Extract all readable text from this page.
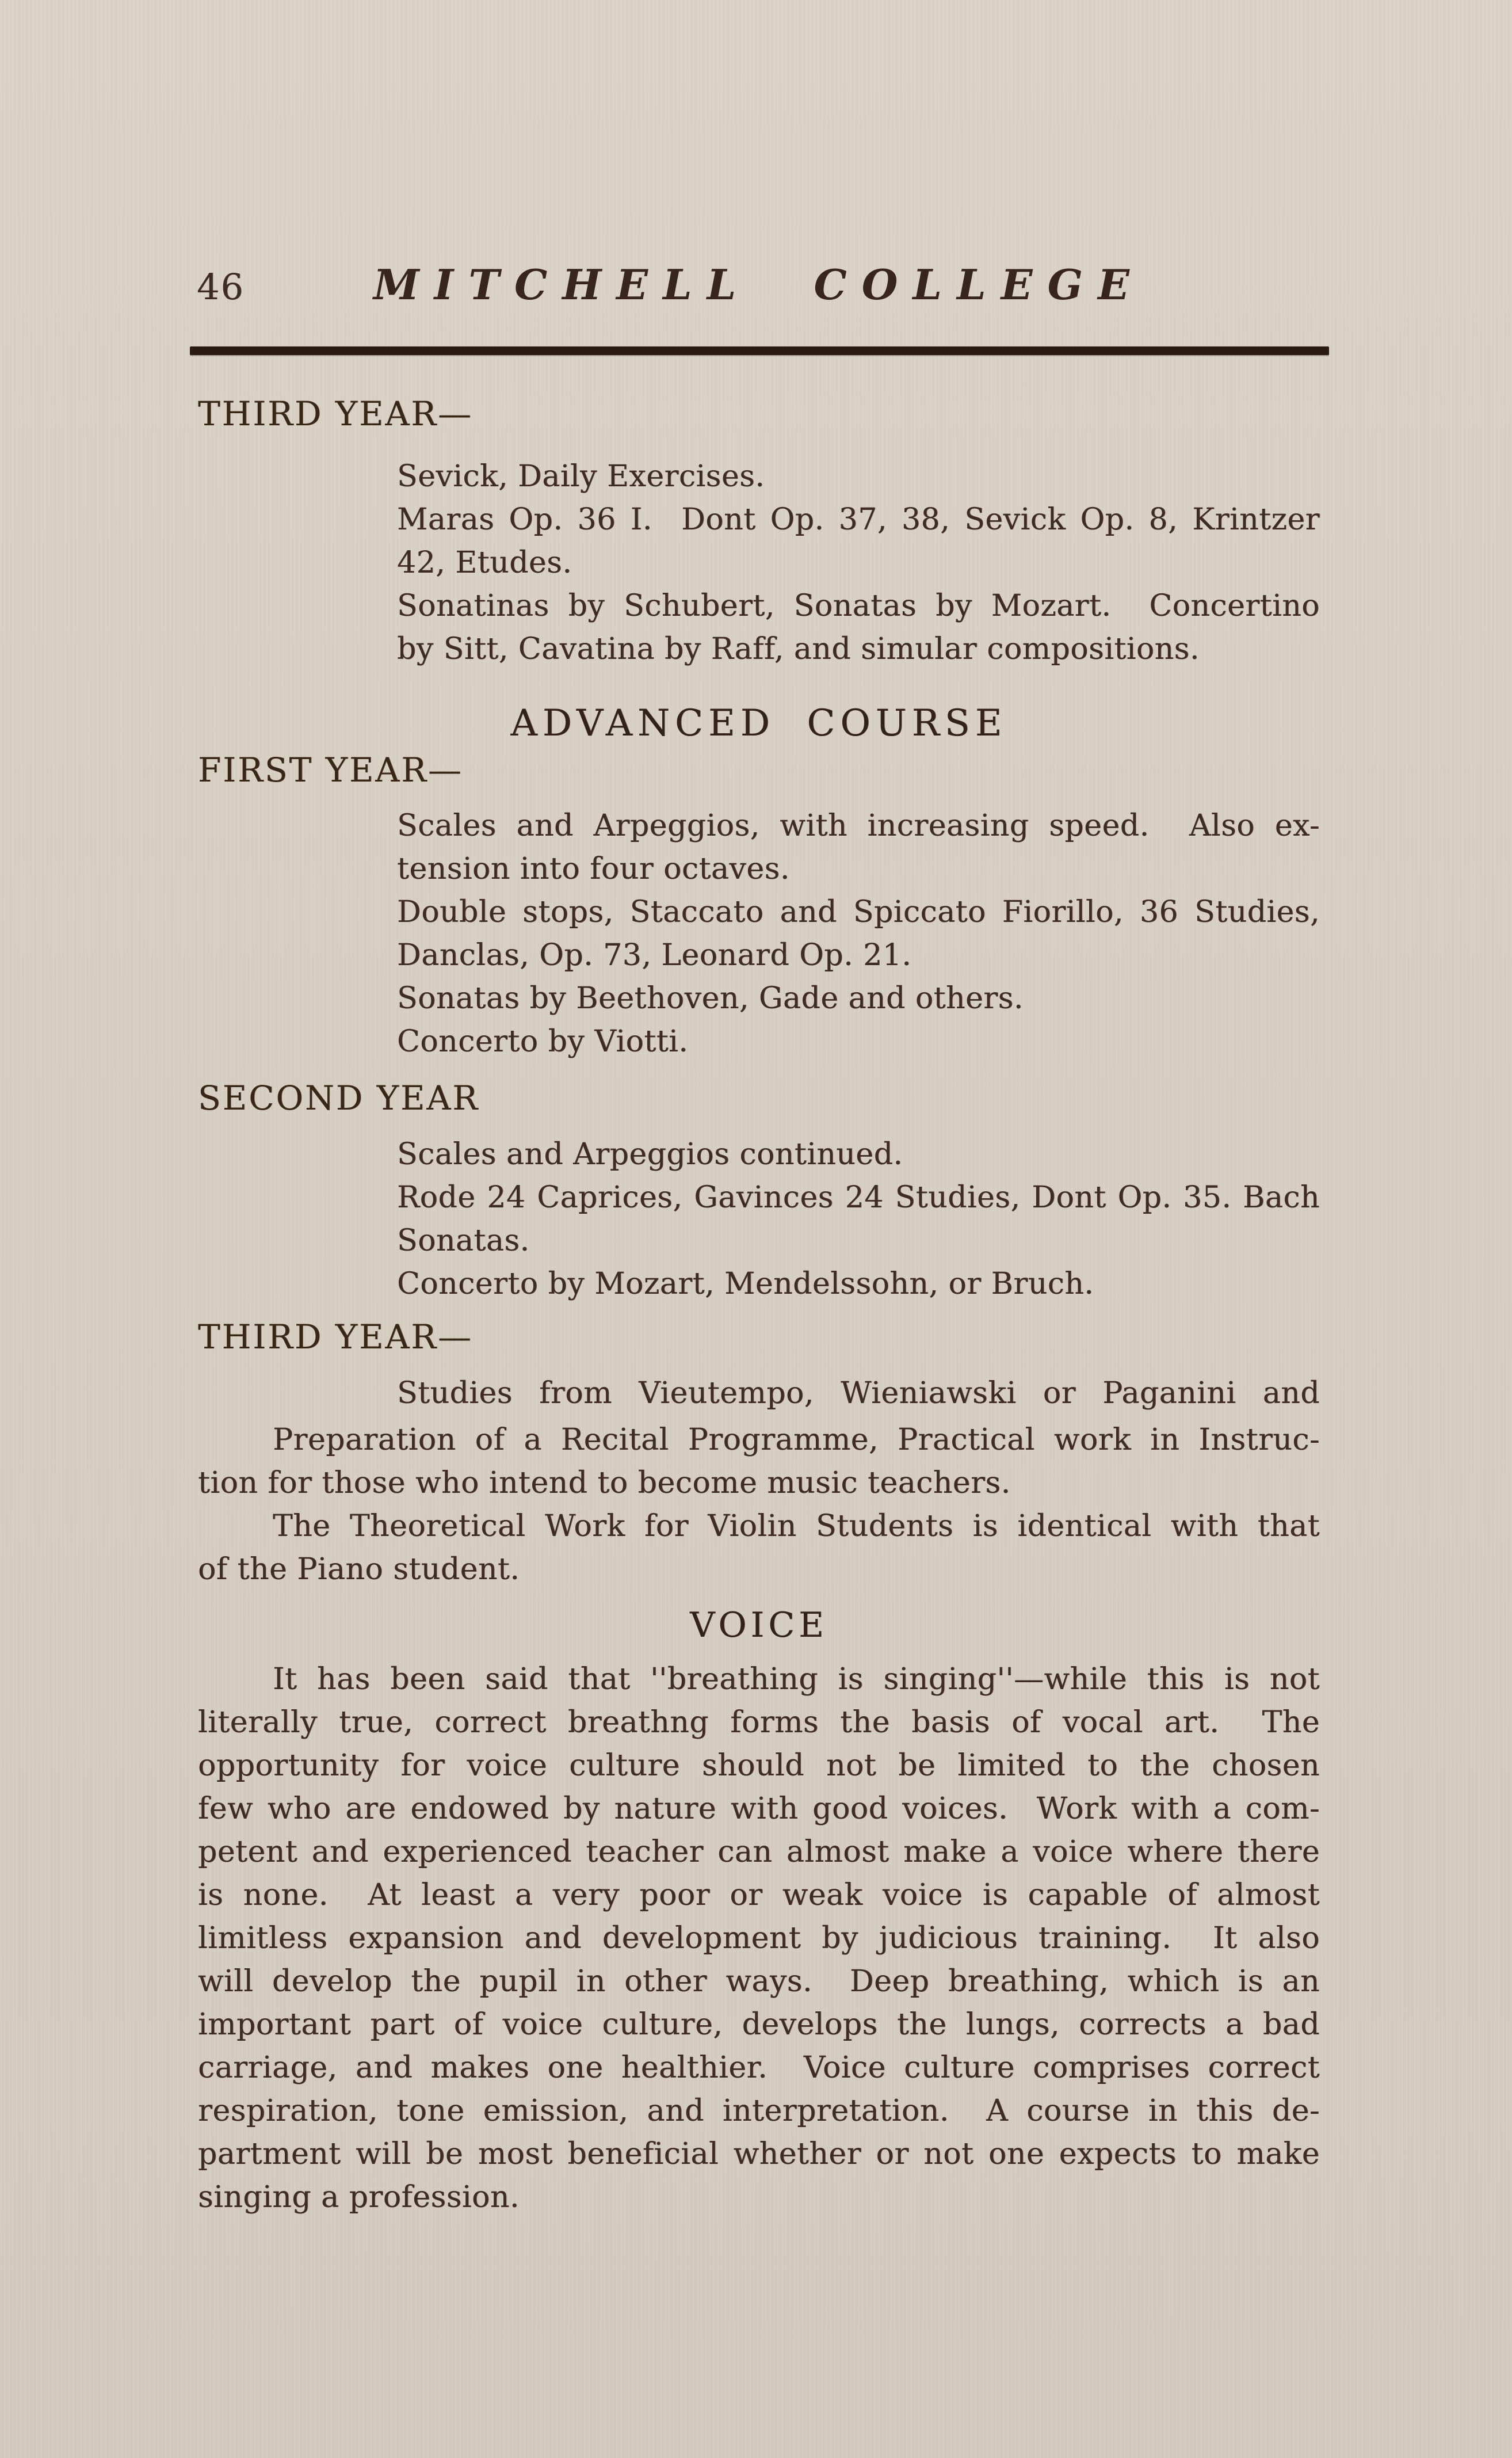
46	MITCHELL COLLEGE
THIRD YEAR—
Sevick, Daily Exercises.
Maras Op. 36 I.  Dont Op. 37, 38, Sevick Op. 8, Krintzer
42, Etudes.
Sonatinas by Schubert, Sonatas by Mozart.  Concertino
by Sitt, Cavatina by Raff, and simular compositions.
ADVANCED COURSE
FIRST YEAR—
Scales and Arpeggios, with increasing speed.  Also ex-
tension into four octaves.
Double stops, Staccato and Spiccato Fiorillo, 36 Studies,
Danclas, Op. 73, Leonard Op. 21.
Sonatas by Beethoven, Gade and others.
Concerto by Viotti.
SECOND YEAR
Scales and Arpeggios continued.
Rode 24 Caprices, Gavinces 24 Studies, Dont Op. 35. Bach
Sonatas.
Concerto by Mozart, Mendelssohn, or Bruch.
THIRD YEAR—
Studies from Vieutempo, Wieniawski or Paganini and
Preparation of a Recital Programme, Practical work in Instruc-
tion for those who intend to become music teachers.
The Theoretical Work for Violin Students is identical with that
of the Piano student.
VOICE
It has been said that ''breathing is singing''—while this is not
literally true, correct breathng forms the basis of vocal art.  The
opportunity for voice culture should not be limited to the chosen
few who are endowed by nature with good voices.  Work with a com-
petent and experienced teacher can almost make a voice where there
is none.  At least a very poor or weak voice is capable of almost
limitless expansion and development by judicious training.  It also
will develop the pupil in other ways.  Deep breathing, which is an
important part of voice culture, develops the lungs, corrects a bad
carriage, and makes one healthier.  Voice culture comprises correct
respiration, tone emission, and interpretation.  A course in this de-
partment will be most beneficial whether or not one expects to make
singing a profession.
